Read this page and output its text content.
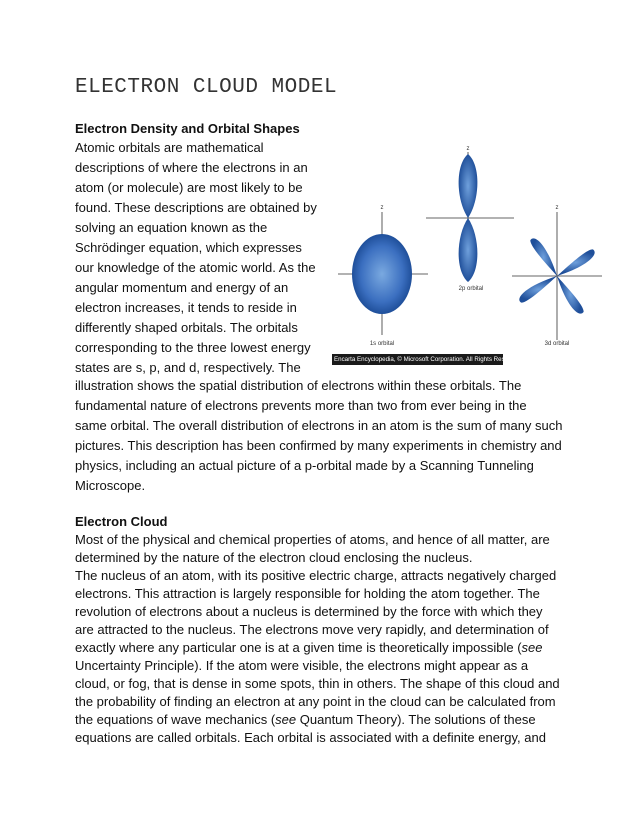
ELECTRON CLOUD MODEL
Electron Density and Orbital Shapes
Atomic orbitals are mathematical
descriptions of where the electrons in an
atom (or molecule) are most likely to be
found. These descriptions are obtained by
solving an equation known as the
Schrödinger equation, which expresses
our knowledge of the atomic world. As the
angular momentum and energy of an
electron increases, it tends to reside in
differently shaped orbitals. The orbitals
corresponding to the three lowest energy
states are s, p, and d, respectively. The
illustration shows the spatial distribution of electrons within these orbitals. The
fundamental nature of electrons prevents more than two from ever being in the
same orbital. The overall distribution of electrons in an atom is the sum of many such
pictures. This description has been confirmed by many experiments in chemistry and
physics, including an actual picture of a p-orbital made by a Scanning Tunneling
Microscope.
z
1s orbital
z
2p orbital
z
3d orbital
Encarta Encyclopedia, © Microsoft Corporation. All Rights Reserved.
Electron Cloud
Most of the physical and chemical properties of atoms, and hence of all matter, are
determined by the nature of the electron cloud enclosing the nucleus.
The nucleus of an atom, with its positive electric charge, attracts negatively charged
electrons. This attraction is largely responsible for holding the atom together. The
revolution of electrons about a nucleus is determined by the force with which they
are attracted to the nucleus. The electrons move very rapidly, and determination of
exactly where any particular one is at a given time is theoretically impossible (see
Uncertainty Principle). If the atom were visible, the electrons might appear as a
cloud, or fog, that is dense in some spots, thin in others. The shape of this cloud and
the probability of finding an electron at any point in the cloud can be calculated from
the equations of wave mechanics (see Quantum Theory). The solutions of these
equations are called orbitals. Each orbital is associated with a definite energy, and
